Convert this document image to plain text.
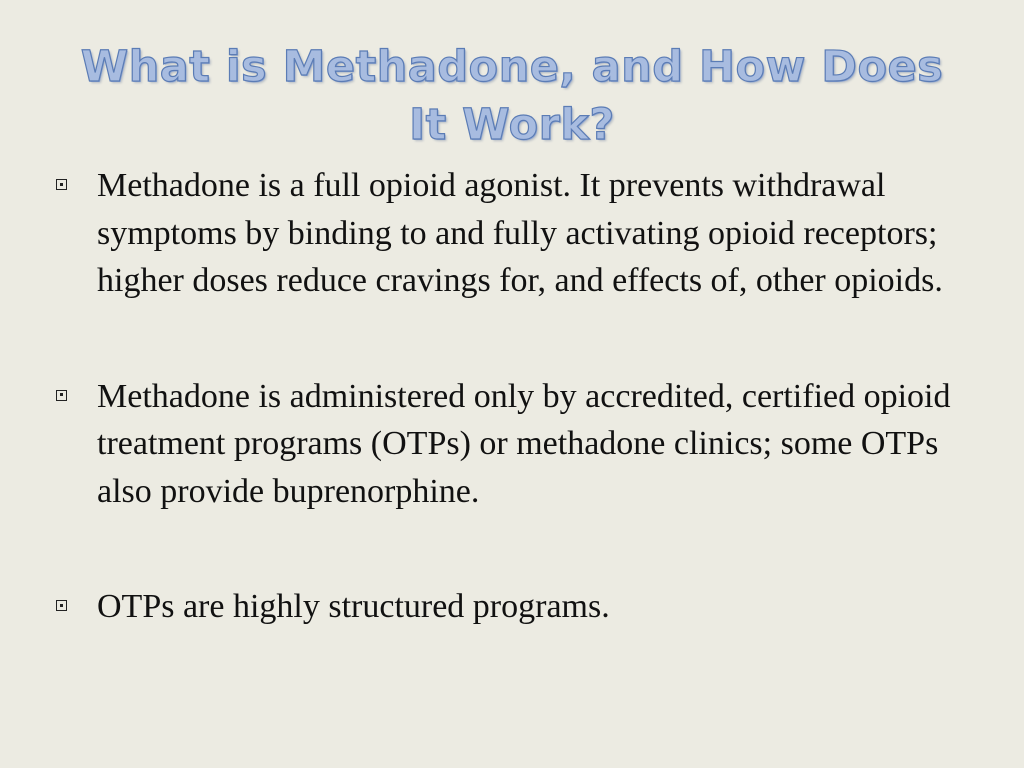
What is Methadone, and How Does It Work?
Methadone is a full opioid agonist. It prevents withdrawal symptoms by binding to and fully activating opioid receptors; higher doses reduce cravings for, and effects of, other opioids.
Methadone is administered only by accredited, certified opioid treatment programs (OTPs) or methadone clinics; some OTPs also provide buprenorphine.
OTPs are highly structured programs.
